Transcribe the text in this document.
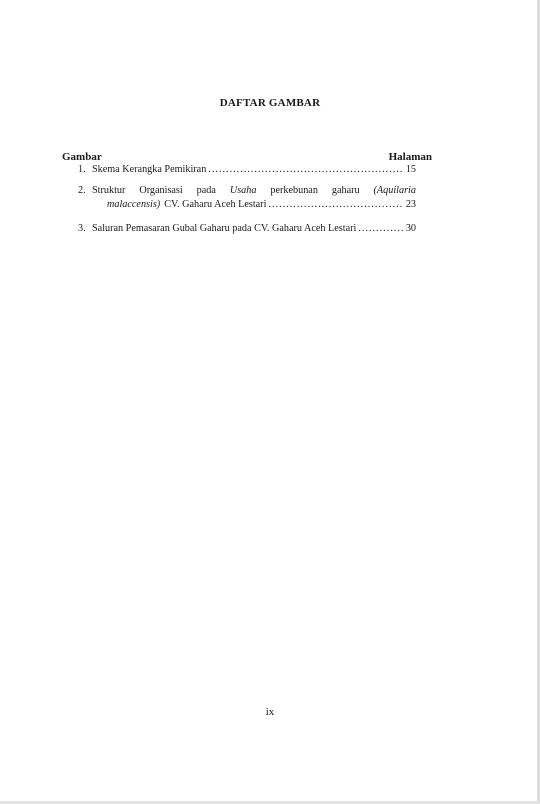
DAFTAR GAMBAR
Gambar	Halaman
1. Skema Kerangka Pemikiran .....	15
2. Struktur Organisasi pada Usaha perkebunan gaharu (Aquilaria
malaccensis) CV. Gaharu Aceh Lestari .....	23
3. Saluran Pemasaran Gubal Gaharu pada CV. Gaharu Aceh Lestari .....	30
ix
